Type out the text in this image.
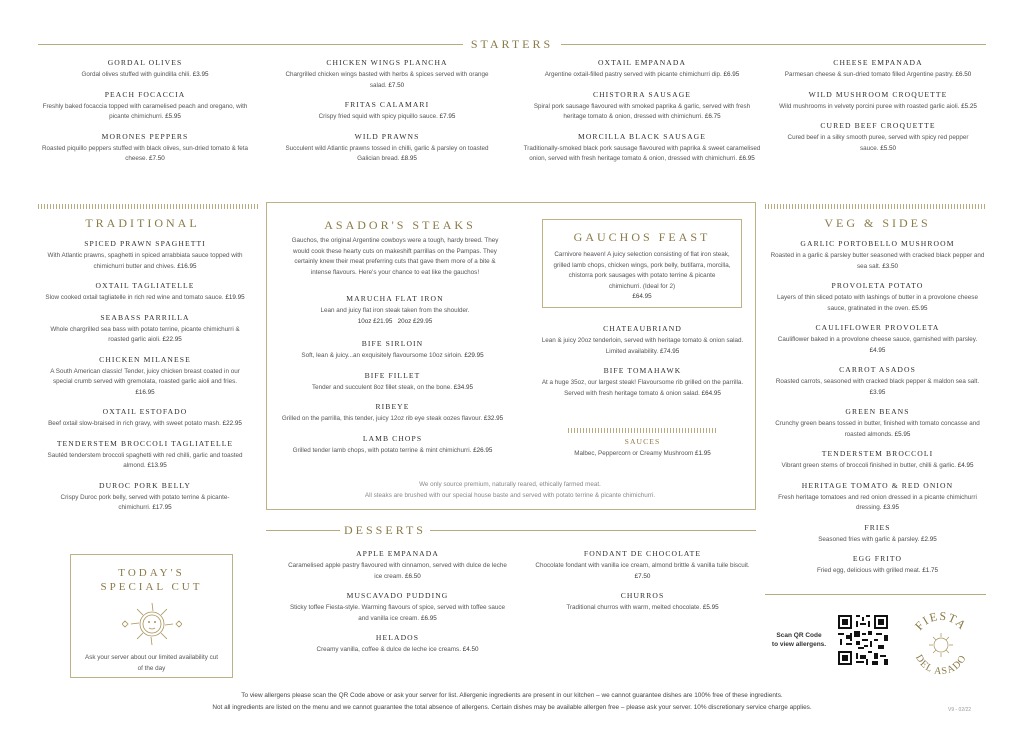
STARTERS
GORDAL OLIVES
Gordal olives stuffed with guindilla chili. £3.95
PEACH FOCACCIA
Freshly baked focaccia topped with caramelised peach and oregano, with picante chimichurri. £5.95
MORONES PEPPERS
Roasted piquillo peppers stuffed with black olives, sun-dried tomato & feta cheese. £7.50
CHICKEN WINGS PLANCHA
Chargrilled chicken wings basted with herbs & spices served with orange salad. £7.50
FRITAS CALAMARI
Crispy fried squid with spicy piquillo sauce. £7.95
WILD PRAWNS
Succulent wild Atlantic prawns tossed in chilli, garlic & parsley on toasted Galician bread. £8.95
OXTAIL EMPANADA
Argentine oxtail-filled pastry served with picante chimichurri dip. £6.95
CHISTORRA SAUSAGE
Spiral pork sausage flavoured with smoked paprika & garlic, served with fresh heritage tomato & onion, dressed with chimichurri. £6.75
MORCILLA BLACK SAUSAGE
Traditionally-smoked black pork sausage flavoured with paprika & sweet caramelised onion, served with fresh heritage tomato & onion, dressed with chimichurri. £6.95
CHEESE EMPANADA
Parmesan cheese & sun-dried tomato filled Argentine pastry. £6.50
WILD MUSHROOM CROQUETTE
Wild mushrooms in velvety porcini puree with roasted garlic aioli. £5.25
CURED BEEF CROQUETTE
Cured beef in a silky smooth puree, served with spicy red pepper sauce. £5.50
TRADITIONAL
SPICED PRAWN SPAGHETTI
With Atlantic prawns, spaghetti in spiced arrabbiata sauce topped with chimichurri butter and chives. £16.95
OXTAIL TAGLIATELLE
Slow cooked oxtail tagliatelle in rich red wine and tomato sauce. £19.95
SEABASS PARRILLA
Whole chargrilled sea bass with potato terrine, picante chimichurri & roasted garlic aioli. £22.95
CHICKEN MILANESE
A South American classic! Tender, juicy chicken breast coated in our special crumb served with gremolata, roasted garlic aioli and fries. £16.95
OXTAIL ESTOFADO
Beef oxtail slow-braised in rich gravy, with sweet potato mash. £22.95
TENDERSTEM BROCCOLI TAGLIATELLE
Sautéd tenderstem broccoli spaghetti with red chilli, garlic and toasted almond. £13.95
DUROC PORK BELLY
Crispy Duroc pork belly, served with potato terrine & picante-chimichurri. £17.95
TODAY'S
SPECIAL CUT
Ask your server about our limited availability cut of the day
ASADOR'S STEAKS
Gauchos, the original Argentine cowboys were a tough, hardy breed. They would cook these hearty cuts on makeshift parrillas on the Pampas. They certainly knew their meat preferring cuts that gave them more of a bite & intense flavours. Here's your chance to eat like the gauchos!
MARUCHA FLAT IRON
Lean and juicy flat iron steak taken from the shoulder.
10oz £21.95   20oz £29.95
BIFE SIRLOIN
Soft, lean & juicy...an exquisitely flavoursome 10oz sirloin. £29.95
BIFE FILLET
Tender and succulent 8oz fillet steak, on the bone. £34.95
RIBEYE
Grilled on the parrilla, this tender, juicy 12oz rib eye steak oozes flavour. £32.95
LAMB CHOPS
Grilled tender lamb chops, with potato terrine & mint chimichurri. £26.95
We only source premium, naturally reared, ethically farmed meat.
All steaks are brushed with our special house baste and served with potato terrine & picante chimichurri.
GAUCHOS FEAST
Carnivore heaven! A juicy selection consisting of flat iron steak, grilled lamb chops, chicken wings, pork belly, butifarra, morcilla, chistorra pork sausages with potato terrine & picante chimichurri. (Ideal for 2)
£64.95
CHATEAUBRIAND
Lean & juicy 20oz tenderloin, served with heritage tomato & onion salad. Limited availability. £74.95
BIFE TOMAHAWK
At a huge 35oz, our largest steak! Flavoursome rib grilled on the parrilla. Served with fresh heritage tomato & onion salad. £64.95
SAUCES
Malbec, Peppercorn or Creamy Mushroom £1.95
DESSERTS
APPLE EMPANADA
Caramelised apple pastry flavoured with cinnamon, served with dulce de leche ice cream. £6.50
MUSCAVADO PUDDING
Sticky toffee Fiesta-style. Warming flavours of spice, served with toffee sauce and vanilla ice cream. £6.95
HELADOS
Creamy vanilla, coffee & dulce de leche ice creams. £4.50
FONDANT DE CHOCOLATE
Chocolate fondant with vanilla ice cream, almond brittle & vanilla tuile biscuit. £7.50
CHURROS
Traditional churros with warm, melted chocolate. £5.95
VEG & SIDES
GARLIC PORTOBELLO MUSHROOM
Roasted in a garlic & parsley butter seasoned with cracked black pepper and sea salt. £3.50
PROVOLETA POTATO
Layers of thin sliced potato with lashings of butter in a provolone cheese sauce, gratinated in the oven. £5.95
CAULIFLOWER PROVOLETA
Cauliflower baked in a provolone cheese sauce, garnished with parsley. £4.95
CARROT ASADOS
Roasted carrots, seasoned with cracked black pepper & maldon sea salt. £3.95
GREEN BEANS
Crunchy green beans tossed in butter, finished with tomato concasse and roasted almonds. £5.95
TENDERSTEM BROCCOLI
Vibrant green stems of broccoli finished in butter, chilli & garlic. £4.95
HERITAGE TOMATO & RED ONION
Fresh heritage tomatoes and red onion dressed in a picante chimichurri dressing. £3.95
FRIES
Seasoned fries with garlic & parsley. £2.95
EGG FRITO
Fried egg, delicious with grilled meat. £1.75
Scan QR Code
to view allergens.
FIESTA
DEL ASADO
To view allergens please scan the QR Code above or ask your server for list. Allergenic ingredients are present in our kitchen – we cannot guarantee dishes are 100% free of these ingredients.
Not all ingredients are listed on the menu and we cannot guarantee the total absence of allergens. Certain dishes may be available allergen free – please ask your server. 10% discretionary service charge applies.	V9 - 02/22
